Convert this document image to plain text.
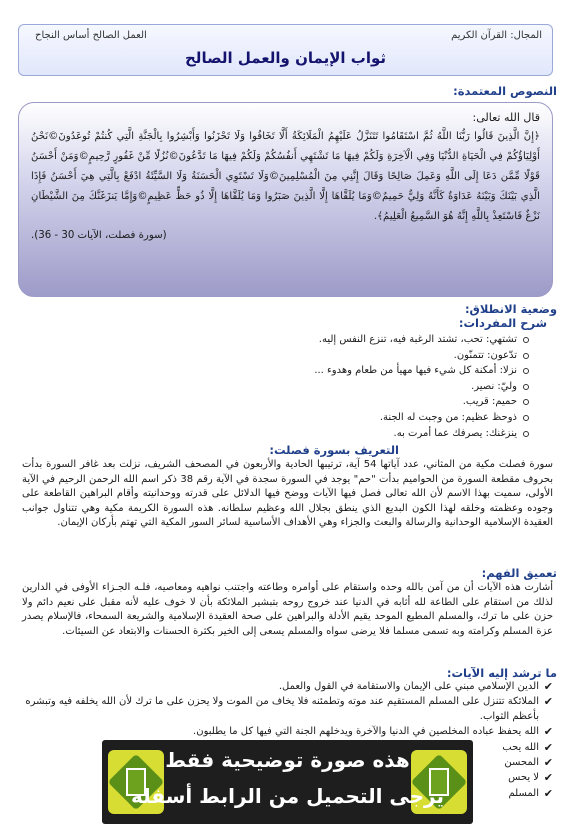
المجال: القرآن الكريم
العمل الصالح أساس النجاح
ثواب الإيمان والعمل الصالح
النصوص المعتمدة:
قال الله تعالى:
﴿إِنَّ الَّذِينَ قَالُوا رَبُّنَا اللَّهُ ثُمَّ اسْتَقَامُوا تَتَنَزَّلُ عَلَيْهِمُ الْمَلَائِكَةُ أَلَّا تَخَافُوا وَلَا تَحْزَنُوا وَأَبْشِرُوا بِالْجَنَّةِ الَّتِي كُنتُمْ تُوعَدُونَ©نَحْنُ أَوْلِيَاؤُكُمْ فِي الْحَيَاةِ الدُّنْيَا وَفِي الْآخِرَةِ وَلَكُمْ فِيهَا مَا تَشْتَهِي أَنفُسُكُمْ وَلَكُمْ فِيهَا مَا تَدَّعُونَ©نُزُلًا مِّنْ غَفُورٍ رَّحِيمٍ©وَمَنْ أَحْسَنُ قَوْلًا مِّمَّن دَعَا إِلَى اللَّهِ وَعَمِلَ صَالِحًا وَقَالَ إِنَّنِي مِنَ الْمُسْلِمِينَ©وَلَا تَسْتَوِي الْحَسَنَةُ وَلَا السَّيِّئَةُ ادْفَعْ بِالَّتِي هِيَ أَحْسَنُ فَإِذَا الَّذِي بَيْنَكَ وَبَيْنَهُ عَدَاوَةٌ كَأَنَّهُ وَلِيٌّ حَمِيمٌ©وَمَا يُلَقَّاهَا إِلَّا الَّذِينَ صَبَرُوا وَمَا يُلَقَّاهَا إِلَّا ذُو حَظٍّ عَظِيمٍ©وَإِمَّا يَنزَغَنَّكَ مِنَ الشَّيْطَانِ نَزْغٌ فَاسْتَعِذْ بِاللَّهِ إِنَّهُ هُوَ السَّمِيعُ الْعَلِيمُ﴾.
(سورة فصلت، الآيات 30 - 36).
وضعية الانطلاق:
شرح المفردات:
تشتهي: تحب، تشتد الرغبة فيه، تنزع النفس إليه.
تدّعون: تتمنّون.
نزلا: أمكنة كل شيء فيها مهيأ من طعام وهدوء ...
وليّ: نصير.
حميم: قريب.
ذوحظ عظيم: من وجبت له الجنة.
ينزغنك: يصرفك عما أمرت به.
التعريف بسورة فصلت:
سورة فصلت مكية من المثاني، عدد آياتها 54 آية، ترتيبها الحادية والأربعون في المصحف الشريف، نزلت بعد غافر السورة بدأت بحروف مقطعة السورة من الحواميم بدأت "حم" يوجد في السورة سجدة في الآية رقم 38 ذكر اسم الله الرحمن الرحيم في الآية الأولى، سميت بهذا الاسم لأن الله تعالى فصل فيها الآيات ووضح فيها الدلائل على قدرته ووحدانيته وأقام البراهين القاطعة على وجوده وعظمته وخلقه لهذا الكون البديع الذي ينطق بجلال الله وعظيم سلطانه. هذه السورة الكريمة مكية وهي تتناول جوانب العقيدة الإسلامية الوحدانية والرسالة والبعث والجزاء وهي الأهداف الأساسية لسائر السور المكية التي تهتم بأركان الإيمان.
تعميق الفهم:
أشارت هذه الآيات أن من آمن بالله وحده واستقام على أوامره وطاعته واجتنب نواهيه ومعاصيه، فلـه الجـزاء الأوفى في الدارين لذلك من استقام على الطاعة لله أثابه في الدنيا عند خروج روحه بتبشير الملائكة بأن لا خوف عليه لأنه مقبل على نعيم دائم ولا حزن على ما ترك، والمسلم المطيع الموحد يقيم الأدلة والبراهين على صحة العقيدة الإسلامية والشريعة السمحاء، فالإسلام يصدر عزة المسلم وكرامته وبه تسمى مسلما فلا يرضى سواه والمسلم يسعى إلى الخير بكثرة الحسنات والابتعاد عن السيئات.
ما ترشد إليه الآيات:
✔
الدين الإسلامي مبني على الإيمان والاستقامة في القول والعمل.
✔
الملائكة تتنزل على المسلم المستقيم عند موته وتطمئنه فلا يخاف من الموت ولا يحزن على ما ترك لأن الله يخلفه فيه وتبشره بأعظم الثواب.
✔
الله يحفظ عباده المخلصين في الدنيا والآخرة ويدخلهم الجنة التي فيها كل ما يطلبون.
✔
الله يحب
✔
المحسن
✔
لا يحس
✔
المسلم
هذه صورة توضيحية فقط
يرجى التحميل من الرابط أسفله
